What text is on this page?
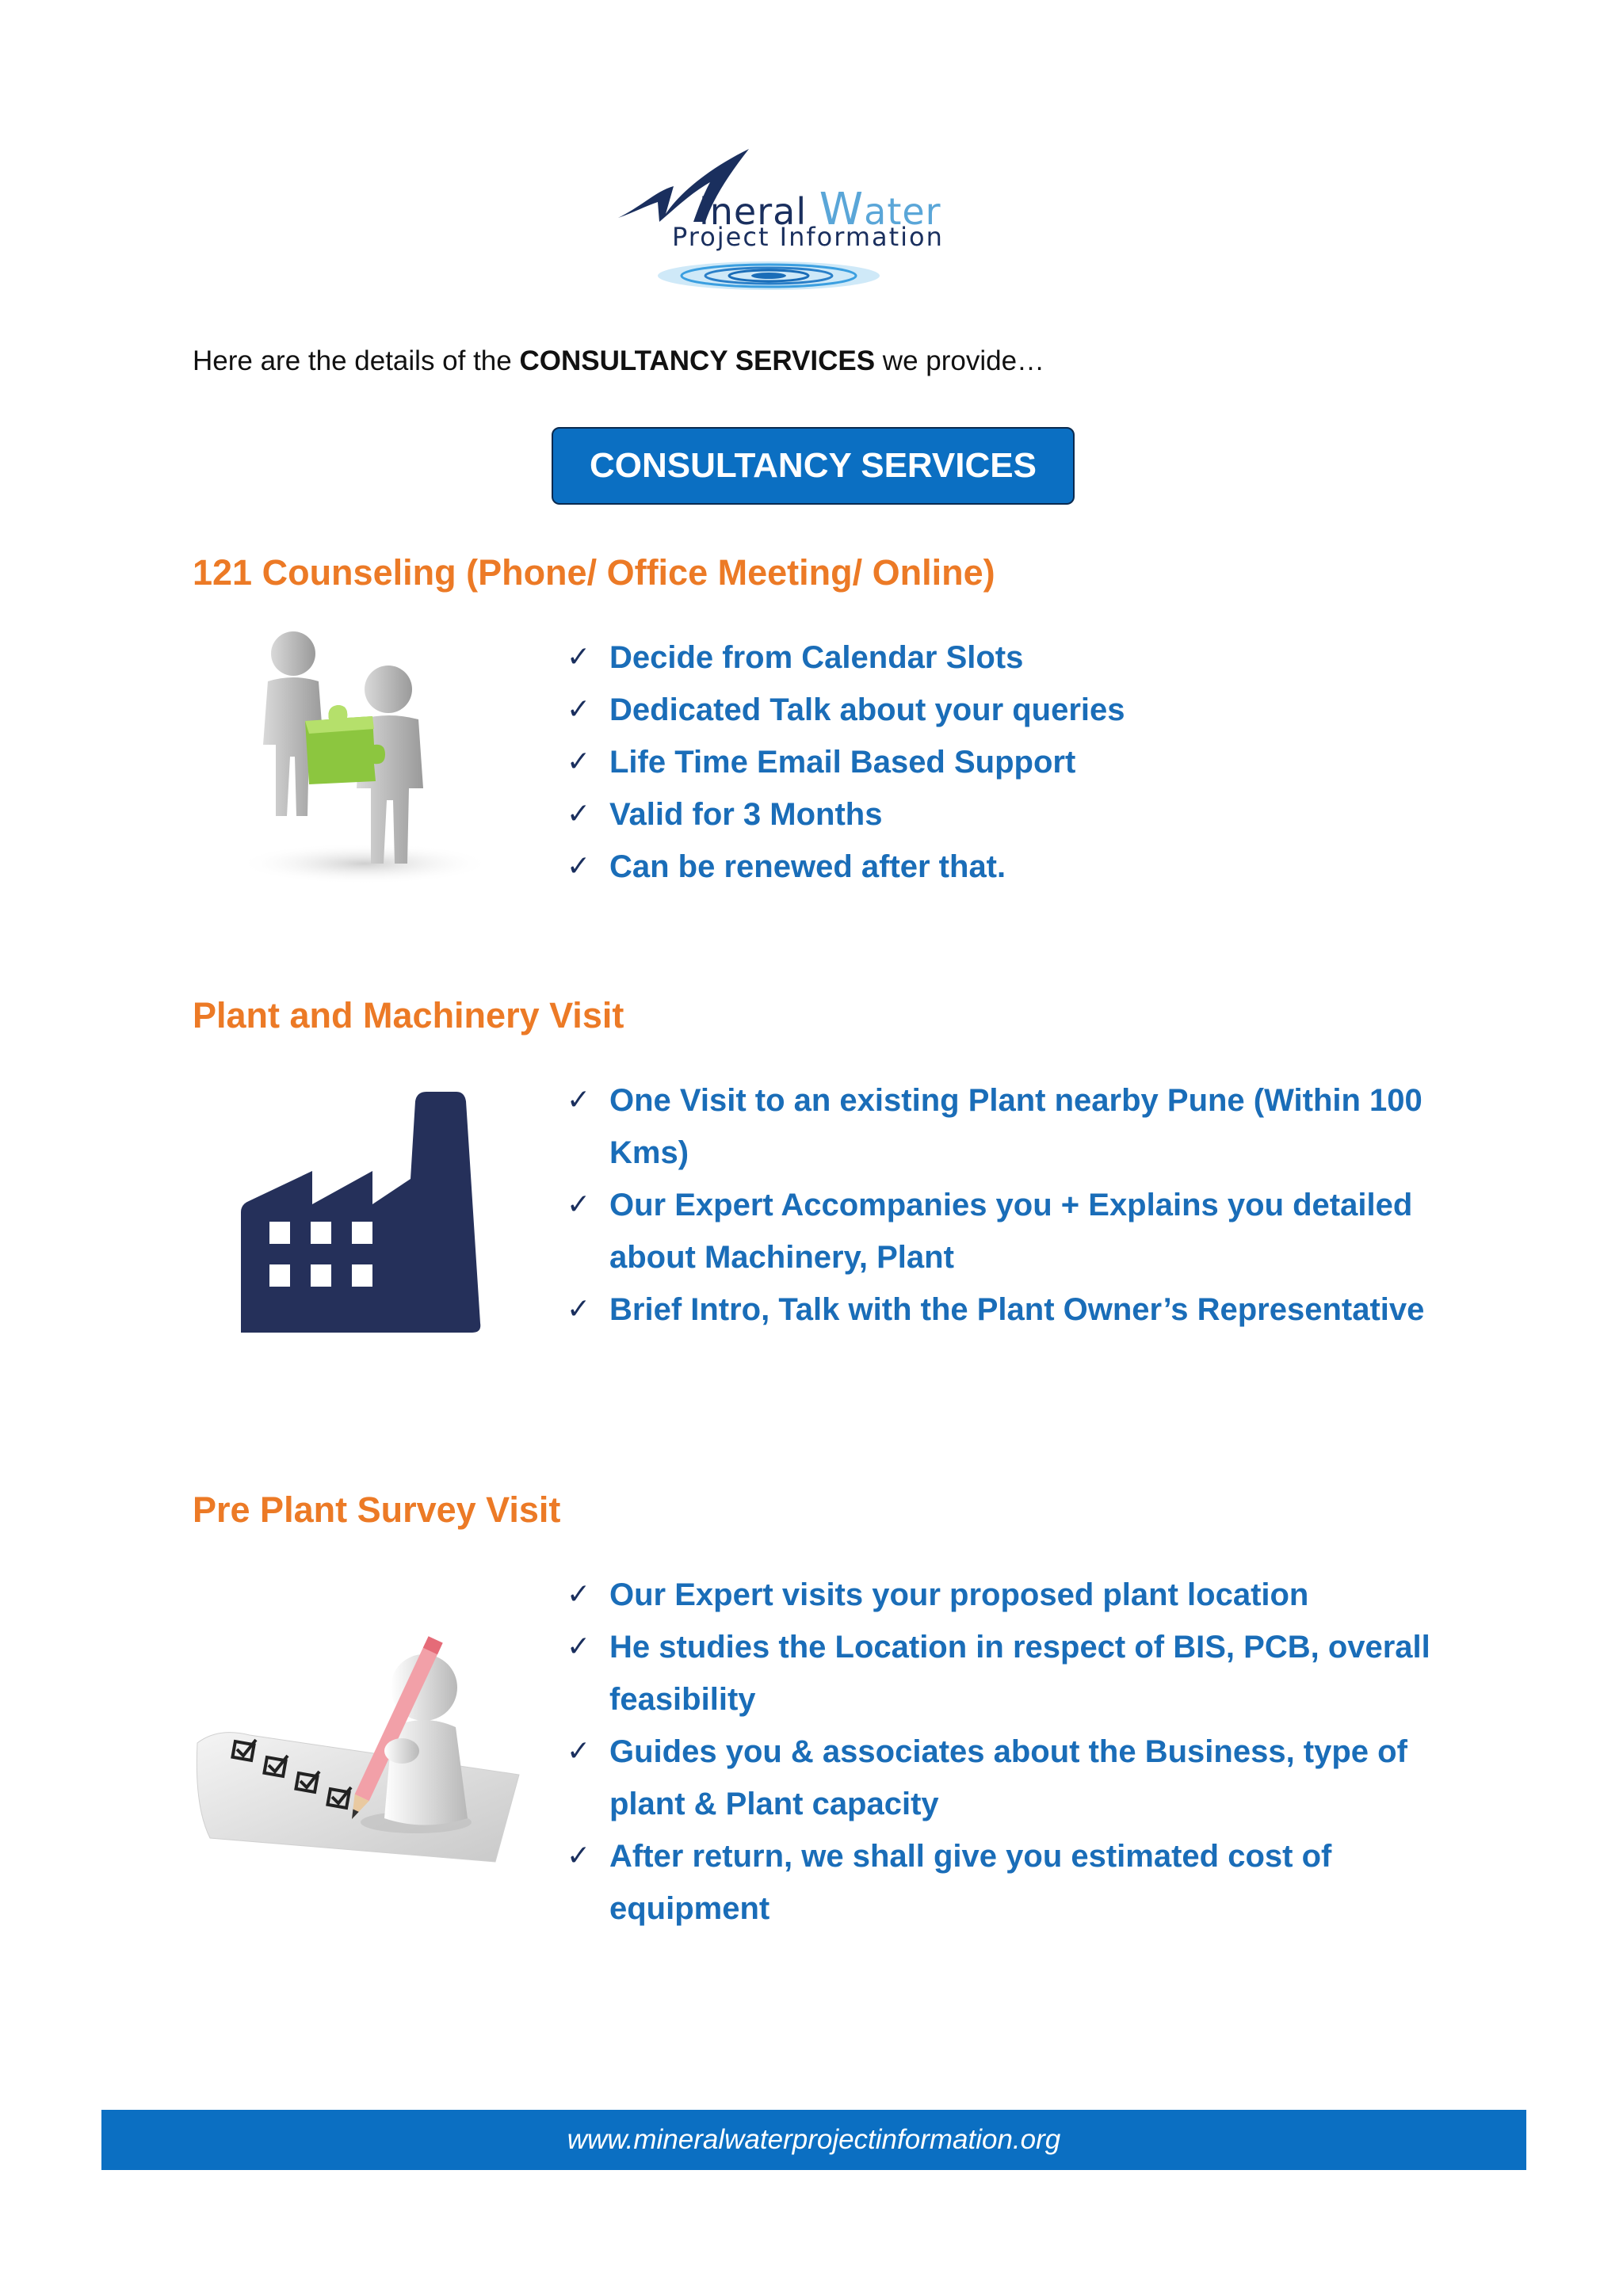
ineral Water
Project Information
Here are the details of the CONSULTANCY SERVICES we provide…
CONSULTANCY SERVICES
121 Counseling (Phone/ Office Meeting/ Online)
✓ Decide from Calendar Slots
✓ Dedicated Talk about your queries
✓ Life Time Email Based Support
✓ Valid for 3 Months
✓ Can be renewed after that.
Plant and Machinery Visit
✓ One Visit to an existing Plant nearby Pune (Within 100 Kms)
✓ Our Expert Accompanies you + Explains you detailed about Machinery, Plant
✓ Brief Intro, Talk with the Plant Owner’s Representative
Pre Plant Survey Visit
✓ Our Expert visits your proposed plant location
✓ He studies the Location in respect of BIS, PCB, overall feasibility
✓ Guides you & associates about the Business, type of plant & Plant capacity
✓ After return, we shall give you estimated cost of equipment
www.mineralwaterprojectinformation.org
